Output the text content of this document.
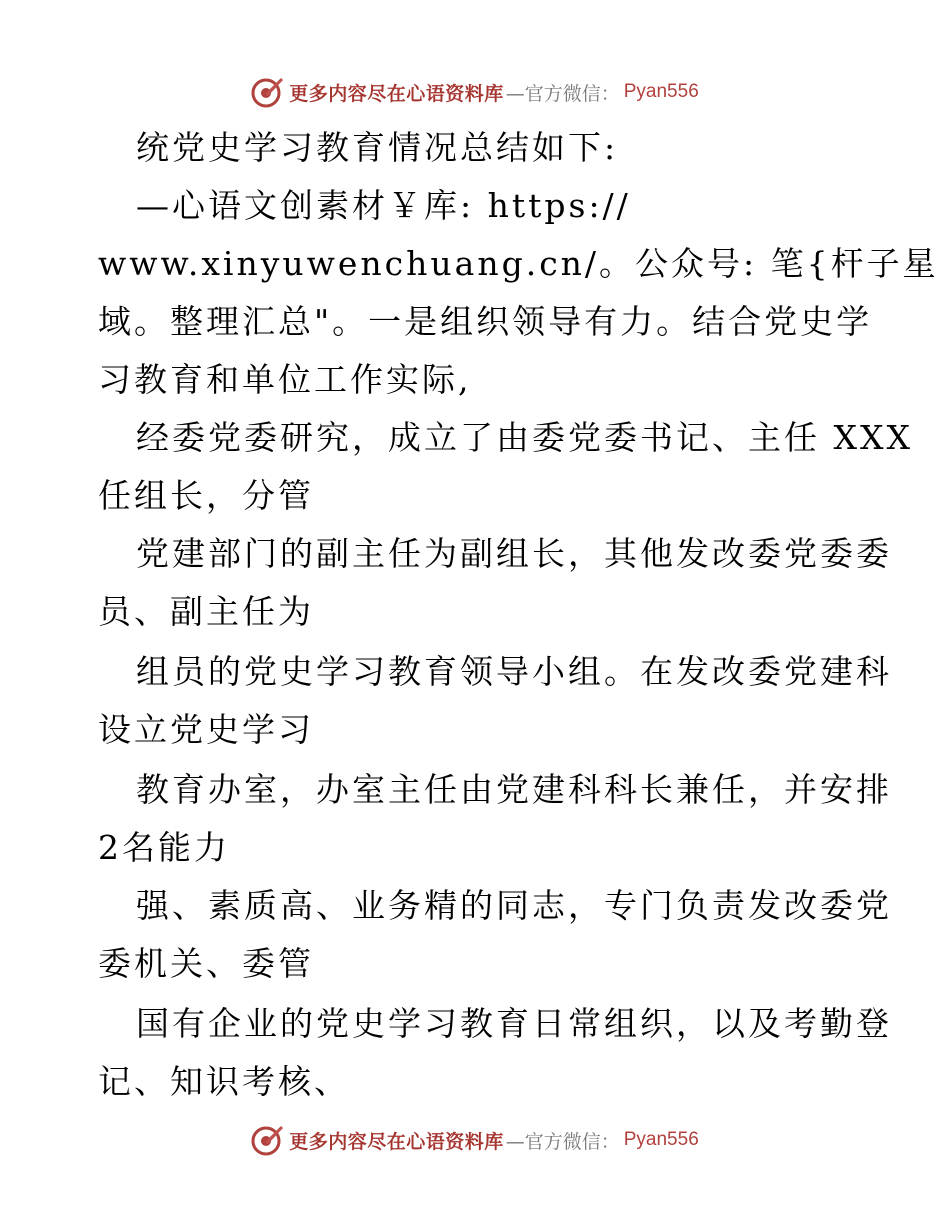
更多内容尽在心语资料库 —官方微信： Pyan556
统党史学习教育情况总结如下:
—心语文创素材￥库: https://
www.xinyuwenchuang.cn/。公众号: 笔{杆子星
域。整理汇总"。一是组织领导有力。结合党史学
习教育和单位工作实际,
经委党委研究，成立了由委党委书记、主任 XXX
任组长，分管
党建部门的副主任为副组长，其他发改委党委委
员、副主任为
组员的党史学习教育领导小组。在发改委党建科
设立党史学习
教育办室，办室主任由党建科科长兼任，并安排
2名能力
强、素质高、业务精的同志，专门负责发改委党
委机关、委管
国有企业的党史学习教育日常组织，以及考勤登
记、知识考核、
更多内容尽在心语资料库 —官方微信： Pyan556
